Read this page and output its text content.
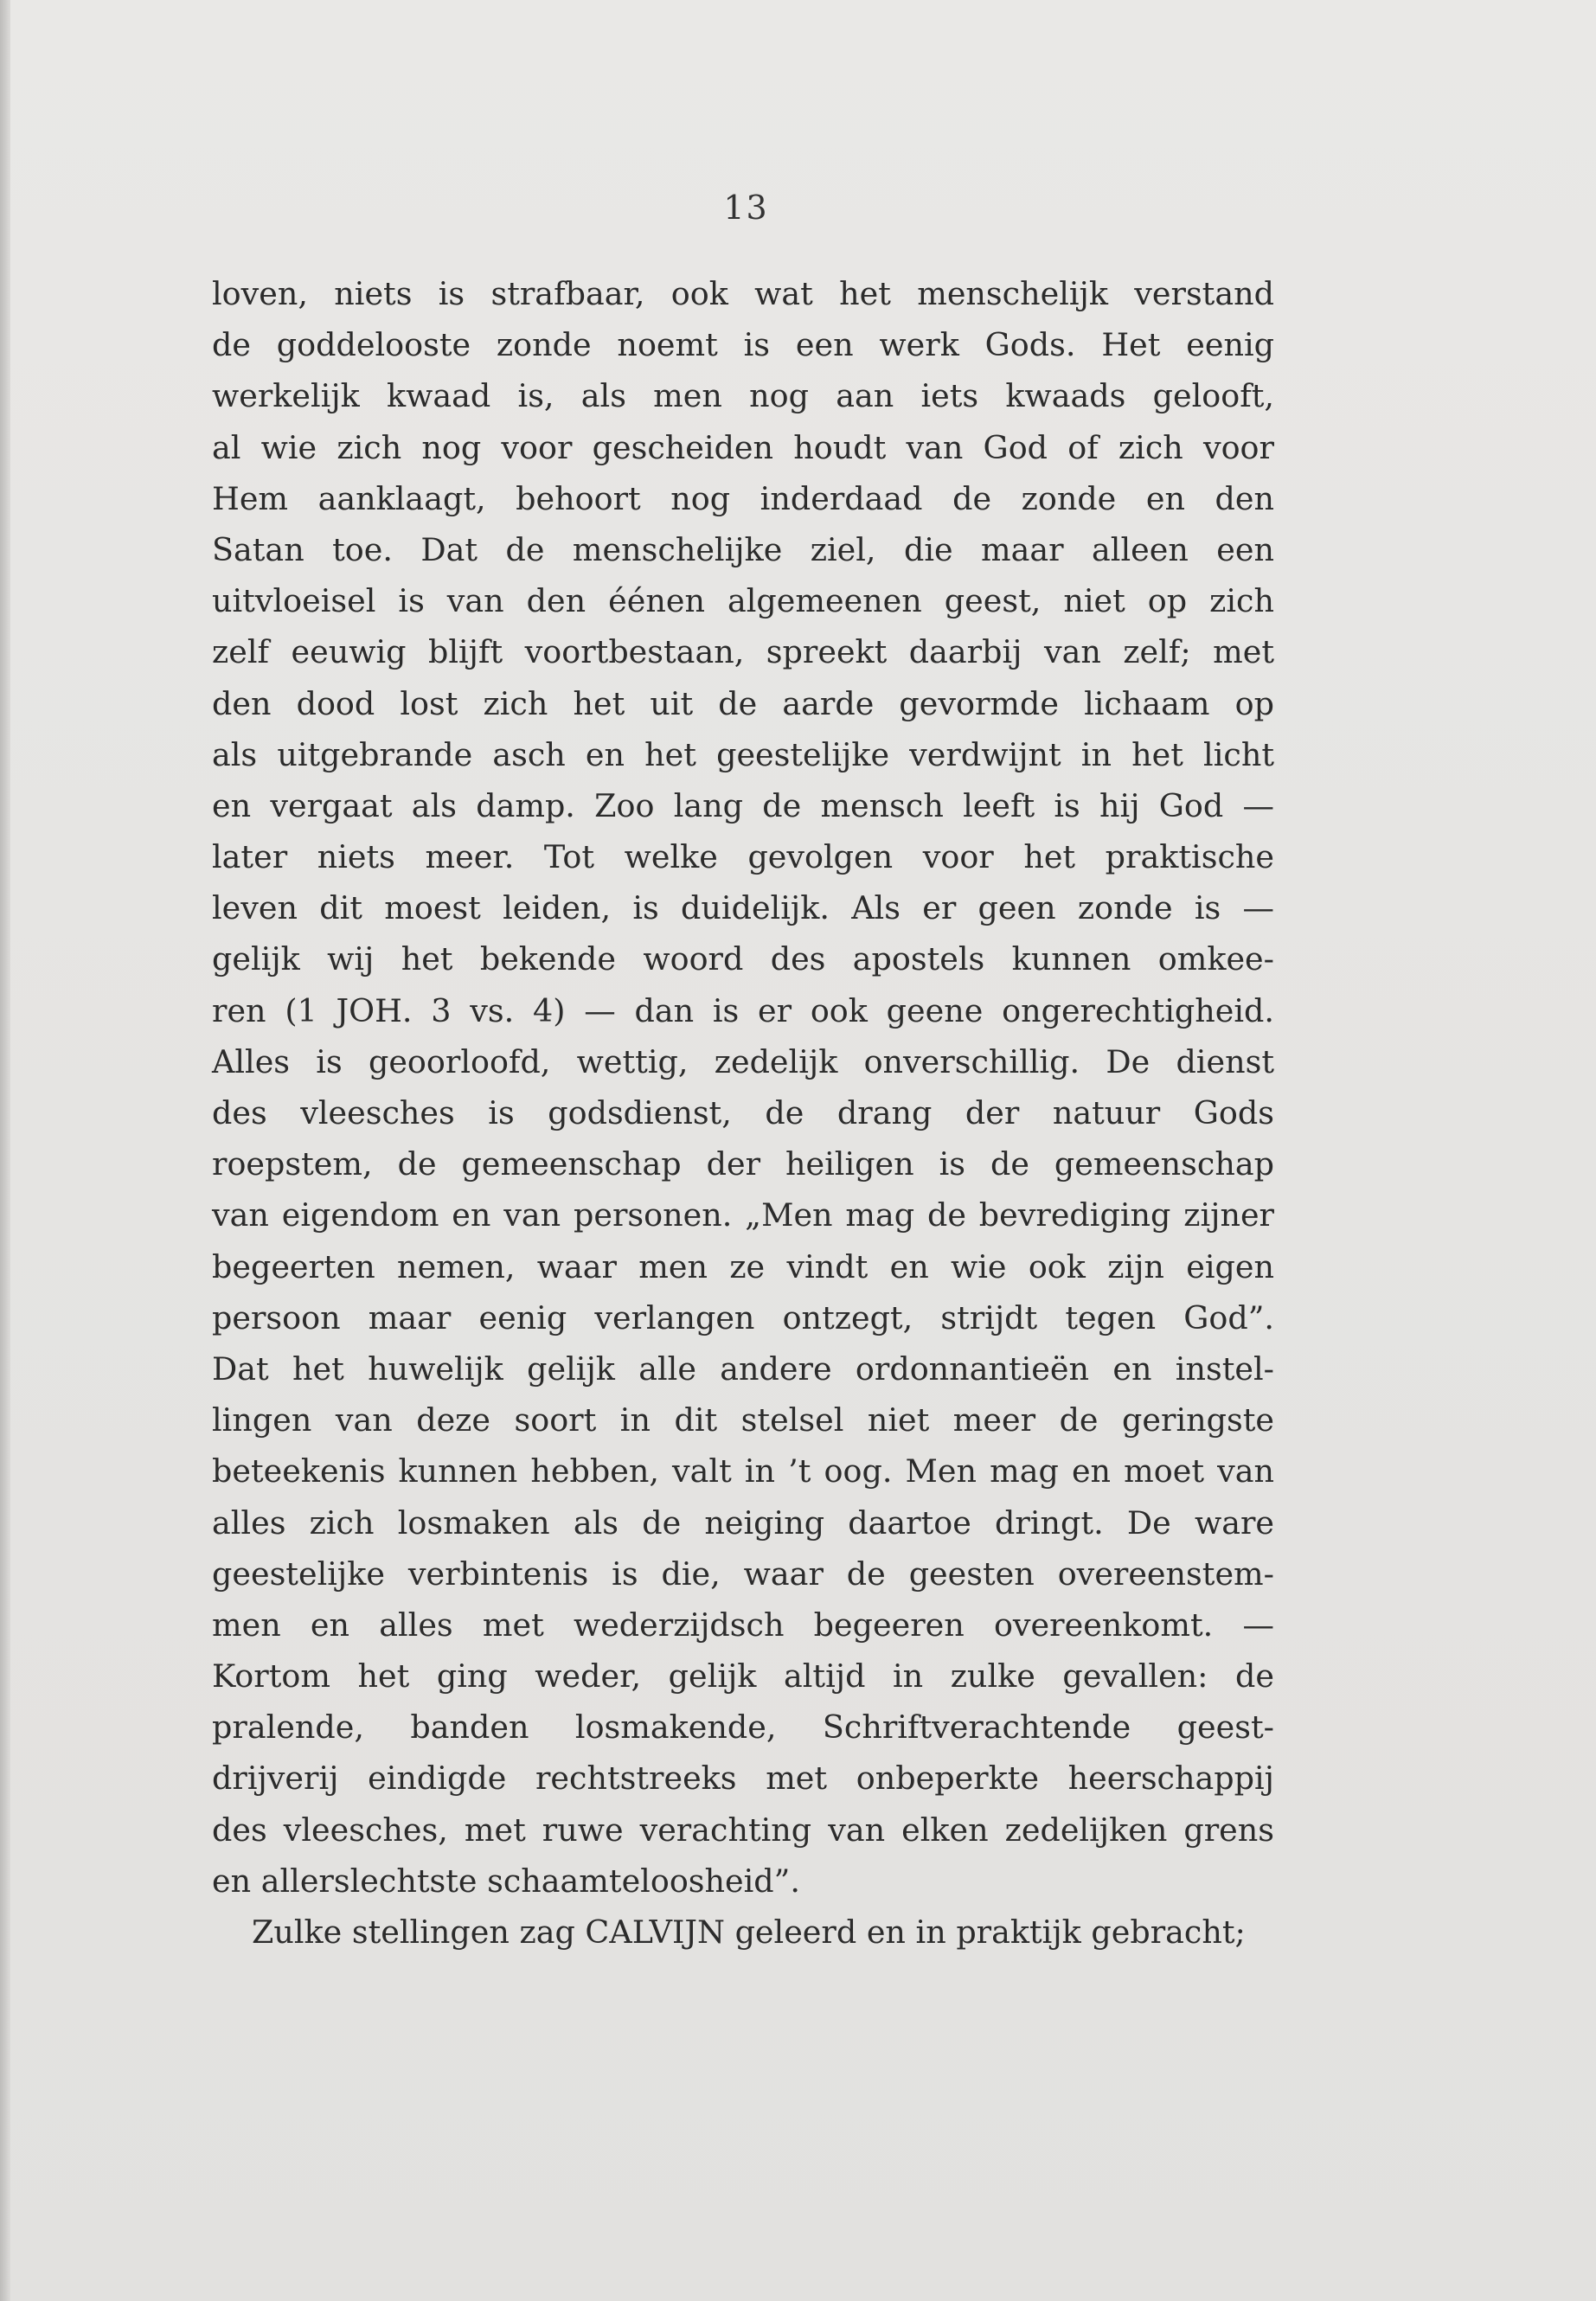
13
loven, niets is strafbaar, ook wat het menschelijk verstand
de goddelooste zonde noemt is een werk Gods. Het eenig
werkelijk kwaad is, als men nog aan iets kwaads gelooft,
al wie zich nog voor gescheiden houdt van God of zich voor
Hem aanklaagt, behoort nog inderdaad de zonde en den
Satan toe. Dat de menschelijke ziel, die maar alleen een
uitvloeisel is van den éénen algemeenen geest, niet op zich
zelf eeuwig blijft voortbestaan, spreekt daarbij van zelf; met
den dood lost zich het uit de aarde gevormde lichaam op
als uitgebrande asch en het geestelijke verdwijnt in het licht
en vergaat als damp. Zoo lang de mensch leeft is hij God —
later niets meer. Tot welke gevolgen voor het praktische
leven dit moest leiden, is duidelijk. Als er geen zonde is —
gelijk wij het bekende woord des apostels kunnen omkee-
ren (1 JOH. 3 vs. 4) — dan is er ook geene ongerechtigheid.
Alles is geoorloofd, wettig, zedelijk onverschillig. De dienst
des vleesches is godsdienst, de drang der natuur Gods
roepstem, de gemeenschap der heiligen is de gemeenschap
van eigendom en van personen. „Men mag de bevrediging zijner
begeerten nemen, waar men ze vindt en wie ook zijn eigen
persoon maar eenig verlangen ontzegt, strijdt tegen God”.
Dat het huwelijk gelijk alle andere ordonnantieën en instel-
lingen van deze soort in dit stelsel niet meer de geringste
beteekenis kunnen hebben, valt in ’t oog. Men mag en moet van
alles zich losmaken als de neiging daartoe dringt. De ware
geestelijke verbintenis is die, waar de geesten overeenstem-
men en alles met wederzijdsch begeeren overeenkomt. —
Kortom het ging weder, gelijk altijd in zulke gevallen: de
pralende, banden losmakende, Schriftverachtende geest-
drijverij eindigde rechtstreeks met onbeperkte heerschappij
des vleesches, met ruwe verachting van elken zedelijken grens
en allerslechtste schaamteloosheid”.
Zulke stellingen zag CALVIJN geleerd en in praktijk gebracht;
